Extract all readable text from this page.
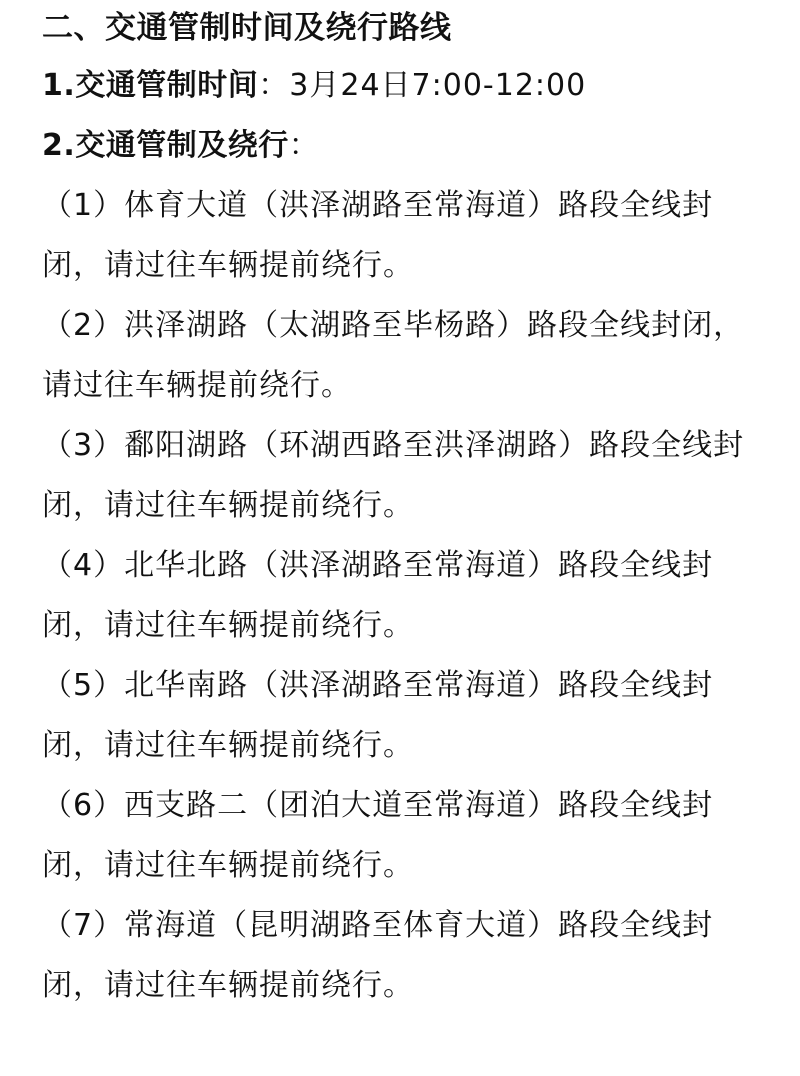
二、交通管制时间及绕行路线
1.交通管制时间：3月24日7:00-12:00
2.交通管制及绕行：
（1）体育大道（洪泽湖路至常海道）路段全线封
闭，请过往车辆提前绕行。
（2）洪泽湖路（太湖路至毕杨路）路段全线封闭，
请过往车辆提前绕行。
（3）鄱阳湖路（环湖西路至洪泽湖路）路段全线封
闭，请过往车辆提前绕行。
（4）北华北路（洪泽湖路至常海道）路段全线封
闭，请过往车辆提前绕行。
（5）北华南路（洪泽湖路至常海道）路段全线封
闭，请过往车辆提前绕行。
（6）西支路二（团泊大道至常海道）路段全线封
闭，请过往车辆提前绕行。
（7）常海道（昆明湖路至体育大道）路段全线封
闭，请过往车辆提前绕行。
